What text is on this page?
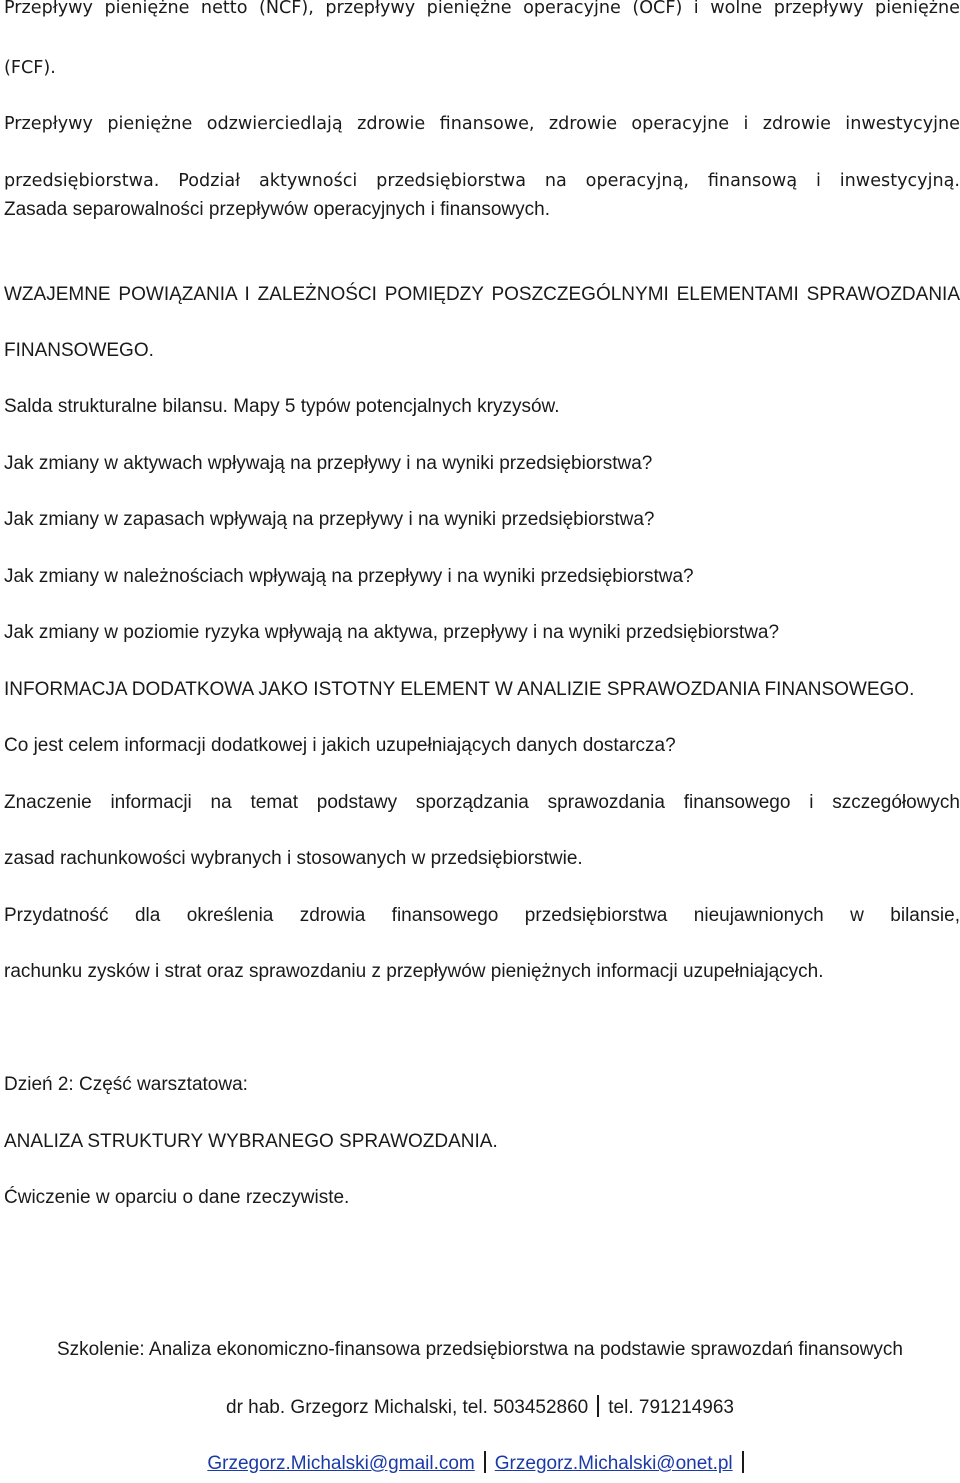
Przepływy pieniężne netto (NCF), przepływy pieniężne operacyjne (OCF) i wolne przepływy pieniężne
(FCF).
Przepływy pieniężne odzwierciedlają zdrowie finansowe, zdrowie operacyjne i zdrowie inwestycyjne
przedsiębiorstwa. Podział aktywności przedsiębiorstwa na operacyjną, finansową i inwestycyjną.
Zasada separowalności przepływów operacyjnych i finansowych.
WZAJEMNE POWIĄZANIA I ZALEŻNOŚCI POMIĘDZY POSZCZEGÓLNYMI ELEMENTAMI SPRAWOZDANIA
FINANSOWEGO.
Salda strukturalne bilansu. Mapy 5 typów potencjalnych kryzysów.
Jak zmiany w aktywach wpływają na przepływy i na wyniki przedsiębiorstwa?
Jak zmiany w zapasach wpływają na przepływy i na wyniki przedsiębiorstwa?
Jak zmiany w należnościach wpływają na przepływy i na wyniki przedsiębiorstwa?
Jak zmiany w poziomie ryzyka wpływają na aktywa, przepływy i na wyniki przedsiębiorstwa?
INFORMACJA DODATKOWA JAKO ISTOTNY ELEMENT W ANALIZIE SPRAWOZDANIA FINANSOWEGO.
Co jest celem informacji dodatkowej i jakich uzupełniających danych dostarcza?
Znaczenie informacji na temat podstawy sporządzania sprawozdania finansowego i szczegółowych
zasad rachunkowości wybranych i stosowanych w przedsiębiorstwie.
Przydatność dla określenia zdrowia finansowego przedsiębiorstwa nieujawnionych w bilansie,
rachunku zysków i strat oraz sprawozdaniu z przepływów pieniężnych informacji uzupełniających.
Dzień 2: Część warsztatowa:
ANALIZA STRUKTURY WYBRANEGO SPRAWOZDANIA.
Ćwiczenie w oparciu o dane rzeczywiste.
Szkolenie: Analiza ekonomiczno-finansowa przedsiębiorstwa na podstawie sprawozdań finansowych
dr hab. Grzegorz Michalski, tel. 503452860 tel. 791214963
Grzegorz.Michalski@gmail.com Grzegorz.Michalski@onet.pl
